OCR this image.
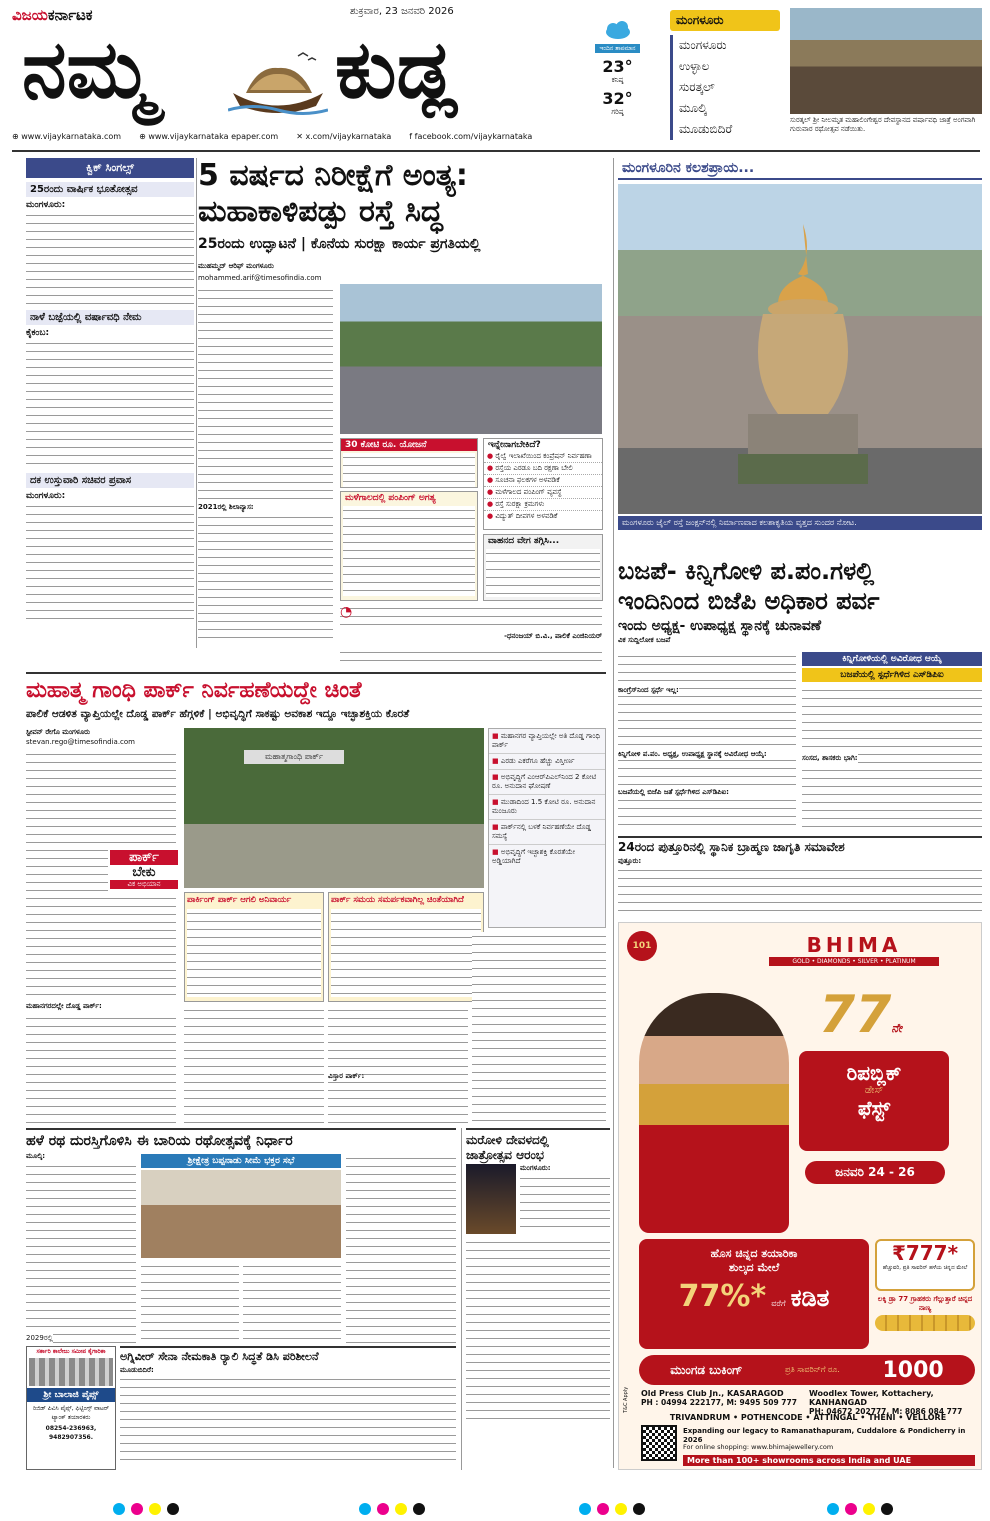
ವಿಜಯಕರ್ನಾಟಕ	ಶುಕ್ರವಾರ, 23 ಜನವರಿ 2026
ನಮ್ಮ ಕುಡ್ಲ	ಇಂದಿನ ತಾಪಮಾನ
23°
ಕನಿಷ್ಠ
32°
ಗರಿಷ್ಠ
ಮಂಗಳೂರು
ಮಂಗಳೂರು
ಉಳ್ಳಾಲ
ಸುರತ್ಕಲ್
ಮೂಲ್ಕಿ
ಮೂಡುಬಿದಿರೆ
ಸುರತ್ಕಲ್ ಶ್ರೀ ನೀಲಮೃತ ಮಹಾಲಿಂಗೇಶ್ವರ ದೇವಸ್ಥಾನದ ವರ್ಷಾವಧಿ ಜಾತ್ರೆ ಅಂಗವಾಗಿ ಗುರುವಾರ ರಥೋತ್ಸವ ನಡೆಯಿತು.
⊕ www.vijaykarnataka.com ⊕ www.vijaykarnataka epaper.com ✕ x.com/vijaykarnataka f facebook.com/vijaykarnataka
ಕ್ವಿಕ್ ಸಿಂಗಲ್ಸ್
25ರಂದು ವಾರ್ಷಿಕ ಭೂತೋತ್ಸವ
ಮಂಗಳೂರು:
ನಾಳೆ ಬಜ್ಪೆಯಲ್ಲಿ ವರ್ಷಾವಧಿ ನೇಮ
ಕೈಕಂಬ:
ದಕ ಉಸ್ತುವಾರಿ ಸಚಿವರ ಪ್ರವಾಸ
ಮಂಗಳೂರು:
5 ವರ್ಷದ ನಿರೀಕ್ಷೆಗೆ ಅಂತ್ಯ:
ಮಹಾಕಾಳಿಪಡ್ಪು ರಸ್ತೆ ಸಿದ್ಧ
25ರಂದು ಉದ್ಘಾಟನೆ | ಕೊನೆಯ ಸುರಕ್ಷಾ ಕಾರ್ಯ ಪ್ರಗತಿಯಲ್ಲಿ
ಮುಹಮ್ಮದ್ ಆರಿಫ್ ಮಂಗಳೂರು
mohammed.arif@timesofindia.com
2021ರಲ್ಲಿ ಶಿಲಾನ್ಯಾಸ:
30 ಕೋಟಿ ರೂ. ಯೋಜನೆ
ಮಳೆಗಾಲದಲ್ಲಿ ಪಂಪಿಂಗ್ ಅಗತ್ಯ
ಇನ್ನೇನಾಗಬೇಕಿದೆ?
● ರೈಲ್ವೆ ಇಲಾಖೆಯಿಂದ ಕಂಪ್ರೆಷನ್ ನಿರ್ವಹಣಾ
● ರಸ್ತೆಯ ಎರಡೂ ಬದಿ ರಕ್ಷಣಾ ಬೇಲಿ
● ಸೂಚನಾ ಫಲಕಗಳ ಅಳವಡಿಕೆ
● ಮಳೆಗಾಲದ ಪಂಪಿಂಗ್ ವ್ಯವಸ್ಥೆ
● ರಸ್ತೆ ಸುರಕ್ಷಾ ಕ್ರಮಗಳು
● ವಿದ್ಯುತ್ ದೀಪಗಳ ಅಳವಡಿಕೆ
ವಾಹನದ ವೇಗ ತಗ್ಗಿಸಿ...
◔
-ಧನಂಜಯ್ ಬಿ.ವಿ., ಪಾಲಿಕೆ ಎಂಜಿನಿಯರ್
ಮಂಗಳೂರಿನ ಕಲಶಪ್ರಾಯ...
ಮಂಗಳೂರು ಜೈಲ್ ರಸ್ತೆ ಜಂಕ್ಷನ್‌ನಲ್ಲಿ ನಿರ್ಮಾಣವಾದ ಕಲಶಾಕೃತಿಯ ವೃತ್ತದ ಸುಂದರ ನೋಟ.
ಬಜಪೆ- ಕಿನ್ನಿಗೋಳಿ ಪ.ಪಂ.ಗಳಲ್ಲಿ
ಇಂದಿನಿಂದ ಬಿಜೆಪಿ ಅಧಿಕಾರ ಪರ್ವ
ಇಂದು ಅಧ್ಯಕ್ಷ- ಉಪಾಧ್ಯಕ್ಷ ಸ್ಥಾನಕ್ಕೆ ಚುನಾವಣೆ
ವಿಕ ಸುದ್ದಿಲೋಕ ಬಜಪೆ
ಕಾಂಗ್ರೆಸ್‌ನಿಂದ ಸ್ಪರ್ಧೆ ಇಲ್ಲ:
ಕಿನ್ನಿಗೋಳಿ ಪ.ಪಂ. ಅಧ್ಯಕ್ಷ, ಉಪಾಧ್ಯಕ್ಷ ಸ್ಥಾನಕ್ಕೆ ಅವಿರೋಧ ಆಯ್ಕೆ:
ಬಜಪೆಯಲ್ಲಿ ಬಿಜೆಪಿ ಜತೆ ಸ್ಪರ್ಧೆಗಿಳಿದ ಎಸ್‌ಡಿಪಿಐ:
ಕಿನ್ನಿಗೋಳಿಯಲ್ಲಿ ಅವಿರೋಧ ಆಯ್ಕೆ
ಬಜಪೆಯಲ್ಲಿ ಸ್ಪರ್ಧೆಗಿಳಿದ ಎಸ್‌ಡಿಪಿಐ
ಸಂಸದ, ಶಾಸಕರು ಭಾಗಿ:
24ರಂದ ಪುತ್ತೂರಿನಲ್ಲಿ ಸ್ಥಾನಿಕ ಬ್ರಾಹ್ಮಣ ಜಾಗೃತಿ ಸಮಾವೇಶ
ಪುತ್ತೂರು:
ಮಹಾತ್ಮ ಗಾಂಧಿ ಪಾರ್ಕ್ ನಿರ್ವಹಣೆಯದ್ದೇ ಚಿಂತೆ
ಪಾಲಿಕೆ ಆಡಳಿತ ವ್ಯಾಪ್ತಿಯಲ್ಲೇ ದೊಡ್ಡ ಪಾರ್ಕ್ ಹೆಗ್ಗಳಿಕೆ | ಅಭಿವೃದ್ಧಿಗೆ ಸಾಕಷ್ಟು ಅವಕಾಶ ಇದ್ದೂ ಇಚ್ಛಾಶಕ್ತಿಯ ಕೊರತೆ
ಸ್ಟೀವನ್ ರೇಗೊ ಮಂಗಳೂರು
stevan.rego@timesofindia.com
ಪಾರ್ಕ್
ಬೇಕು
ವಿಕ ಅಭಿಯಾನ
ಮಹಾನಗರದಲ್ಲೇ ದೊಡ್ಡ ಪಾರ್ಕ್:
ಮಹಾತ್ಮಗಾಂಧಿ ಪಾರ್ಕ್
■ ಮಹಾನಗರ ವ್ಯಾಪ್ತಿಯಲ್ಲೇ ಅತಿ ದೊಡ್ಡ ಗಾಂಧಿ ಪಾರ್ಕ್
■ ಎರಡು ಎಕರೆಗೂ ಹೆಚ್ಚು ವಿಸ್ತೀರ್ಣ
■ ಅಭಿವೃದ್ಧಿಗೆ ಎಂಆರ್‌ಪಿಎಲ್‌ನಿಂದ 2 ಕೋಟಿ ರೂ. ಅನುದಾನ ಘೋಷಣೆ
■ ಮುಡಾದಿಂದ 1.5 ಕೋಟಿ ರೂ. ಅನುದಾನ ಮಂಜೂರು
■ ಪಾರ್ಕ್‌ನಲ್ಲಿ ಬಳಕೆ ನಿರ್ವಹಣೆಯೇ ದೊಡ್ಡ ಸಮಸ್ಯೆ
■ ಅಭಿವೃದ್ಧಿಗೆ ಇಚ್ಛಾಶಕ್ತಿ ಕೊರತೆಯೇ ಅಡ್ಡಿಯಾಗಿದೆ
ಪಾರ್ಕಿಂಗ್ ಪಾರ್ಕ್ ಆಗಲಿ ಅನಿವಾರ್ಯ	ಪಾರ್ಕ್ ಸಮಯ ಸಮರ್ಪಕವಾಗಿಲ್ಲ ಚಿಂತೆಯಾಗಿದೆ
ವಿಸ್ತಾರ ಪಾರ್ಕ್:
ಹಳೆ ರಥ ದುರಸ್ತಿಗೊಳಿಸಿ ಈ ಬಾರಿಯ ರಥೋತ್ಸವಕ್ಕೆ ನಿರ್ಧಾರ
ಮೂಲ್ಕಿ:	ಶ್ರೀಕ್ಷೇತ್ರ ಬಪ್ಪನಾಡು ಸೀಮೆ ಭಕ್ತರ ಸಭೆ
2029ರಲ್ಲಿ
ಮರೋಳಿ ದೇವಳದಲ್ಲಿ
ಜಾತ್ರೋತ್ಸವ ಆರಂಭ
ಮಂಗಳೂರು:
ಅಗ್ನಿವೀರ್ ಸೇನಾ ನೇಮಕಾತಿ ರ್‍ಯಾಲಿ ಸಿದ್ಧತೆ ಡಿಸಿ ಪರಿಶೀಲನೆ
ಮೂಡುಬಿದಿರೆ:
ಸರ್ಕಾರಿ ಕಾಲೇಜು ಸಮೀಪ ಕೈಗಾರಿಕಾ
ಶ್ರೀ ಬಾಲಾಜಿ ಪೈಪ್ಸ್
ರಿಜಿಡ್ ಪಿವಿಸಿ ಪೈಪ್ಸ್, ಫಿಟ್ಟಿಂಗ್ಸ್ ವಾಟರ್ ಟ್ಯಾಂಕ್ ತಯಾರಕರು
08254-236963, 9482907356.
101	BHIMA
GOLD • DIAMONDS • SILVER • PLATINUM
77ನೇ
ರಿಪಬ್ಲಿಕ್
ಡೇಸ್
ಫೆಸ್ಟ್
ಜನವರಿ 24 - 26
ಹೊಸ ಚಿನ್ನದ ತಯಾರಿಕಾ
ಶುಲ್ಕದ ಮೇಲೆ
77%* ವರೆಗೆ ಕಡಿತ
₹777*
ಹೆಚ್ಚುವರಿ, ಪ್ರತಿ ಸಾವರಿನ್ ಹಳೆಯ ಚಿನ್ನದ ಮೇಲೆ
ಲಕ್ಕಿ ಡ್ರಾ 77 ಗ್ರಾಹಕರು ಗೆಲ್ಲುತ್ತಾರೆ ಚಿನ್ನದ ನಾಣ್ಯ
ಮುಂಗಡ ಬುಕಿಂಗ್	ಪ್ರತಿ ಸಾವರಿನ್‌ಗೆ ರೂ. 1000
Old Press Club Jn., KASARAGOD
PH : 04994 222177, M: 9495 509 777
Woodlex Tower, Kottachery, KANHANGAD
PH: 04672 202777, M: 8086 084 777
TRIVANDRUM • POTHENCODE • ATTINGAL • THENI • VELLORE
Expanding our legacy to Ramanathapuram, Cuddalore & Pondicherry in 2026
For online shopping: www.bhimajewellery.com
More than 100+ showrooms across India and UAE
T&C Apply
